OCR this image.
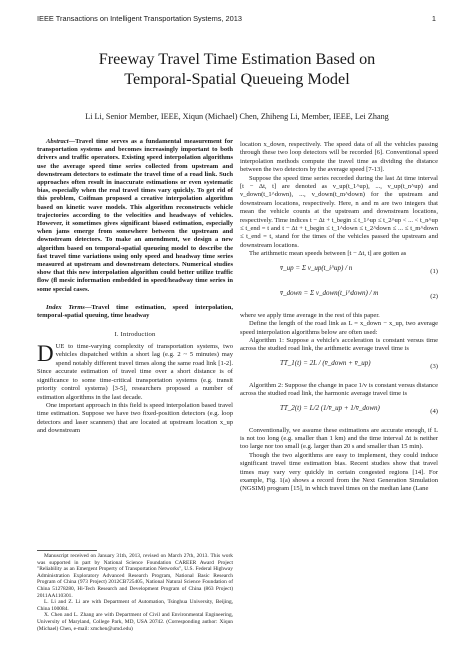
IEEE Transactions on Intelligent Transportation Systems, 2013	1
Freeway Travel Time Estimation Based on
Temporal-Spatial Queueing Model
Li Li, Senior Member, IEEE, Xiqun (Michael) Chen, Zhiheng Li, Member, IEEE, Lei Zhang

Abstract—Travel time serves as a fundamental measurement for transportation systems and becomes increasingly important to both drivers and traffic operators. Existing speed interpolation algorithms use the average speed time series collected from upstream and downstream detectors to estimate the travel time of a road link. Such approaches often result in inaccurate estimations or even systematic bias, especially when the real travel times vary quickly. To get rid of this problem, Coifman proposed a creative interpolation algorithm based on kinetic wave models. This algorithm reconstructs vehicle trajectories according to the velocities and headways of vehicles. However, it sometimes gives significant biased estimation, especially when jams emerge from somewhere between the upstream and downstream detectors. To make an amendment, we design a new algorithm based on temporal-spatial queueing model to describe the fast travel time variations using only speed and headway time series measured at upstream and downstream detectors. Numerical studies show that this new interpolation algorithm could better utilize traffic flow (ﬂ mesic information embedded in speed/headway time series in some special cases.

Index Terms—Travel time estimation, speed interpolation, temporal-spatial queuing, time headway

I. Introduction

DUE to time-varying complexity of transportation systems, two vehicles dispatched within a short lag (e.g. 2 ~ 5 minutes) may spend notably different travel times along the same road link [1-2]. Since accurate estimation of travel time over a short distance is of significance to some time-critical transportation systems (e.g. transit priority control systems) [3-5], researchers proposed a number of estimation algorithms in the last decade.

One important approach in this field is speed interpolation based travel time estimation. Suppose we have two fixed-position detectors (e.g. loop detectors and laser scanners) that are located at upstream location x_up and downstream

Manuscript received on January 31th, 2013, revised on March 27th, 2013. This work was supported in part by National Science Foundation CAREER Award Project "Reliability as an Emergent Property of Transportation Networks", U.S. Federal Highway Administration Exploratory Advanced Research Program, National Basic Research Program of China (973 Project) 2012CB725405, National Natural Science Foundation of China 51278280, Hi-Tech Research and Development Program of China (863 Project) 2011AA110301.

L. Li and Z. Li are with Department of Automation, Tsinghua University, Beijing, China 100084.

X. Chen and L. Zhang are with Department of Civil and Environmental Engineering, University of Maryland, College Park, MD, USA 20742. (Corresponding author: Xiqun (Michael) Chen, e-mail: xmchen@umd.edu)

location x_down, respectively. The speed data of all the vehicles passing through these two loop detectors will be recorded [6]. Conventional speed interpolation methods compute the travel time as dividing the distance between the two detectors by the average speed [7-13].

Suppose the speed time series recorded during the last Δt time interval [t − Δt, t] are denoted as v_up(t_1^up), ..., v_up(t_n^up) and v_down(t_1^down), ..., v_down(t_m^down) for the upstream and downstream locations, respectively. Here, n and m are two integers that mean the vehicle counts at the upstream and downstream locations, respectively. Time indices t − Δt + t_begin ≤ t_1^up ≤ t_2^up < ... < t_n^up ≤ t_end = t and t − Δt + t_begin ≤ t_1^down ≤ t_2^down ≤ ... ≤ t_m^down ≤ t_end = t, stand for the times of the vehicles passed the upstream and downstream locations.

The arithmetic mean speeds between [t − Δt, t] are gotten as

v̄_up = Σ v_up(t_i^up) / n	(1)
v̄_down = Σ v_down(t_i^down) / m	(2)

where we apply time average in the rest of this paper.

Define the length of the road link as L = x_down − x_up, two average speed interpolation algorithms below are often used:

Algorithm 1: Suppose a vehicle's acceleration is constant versus time across the studied road link, the arithmetic average travel time is

TT_1(t) = 2L / (v̄_down + v̄_up)	(3)

Algorithm 2: Suppose the change in pace 1/v is constant versus distance across the studied road link, the harmonic average travel time is

TT_2(t) = L/2 (1/v̄_up + 1/v̄_down)	(4)

Conventionally, we assume these estimations are accurate enough, if L is not too long (e.g. smaller than 1 km) and the time interval Δt is neither too large nor too small (e.g. larger than 20 s and smaller than 15 min).

Though the two algorithms are easy to implement, they could induce significant travel time estimation bias. Recent studies show that travel times may vary very quickly in certain congested regions [14]. For example, Fig. 1(a) shows a record from the Next Generation Simulation (NGSIM) program [15], in which travel times on the median lane (Lane
